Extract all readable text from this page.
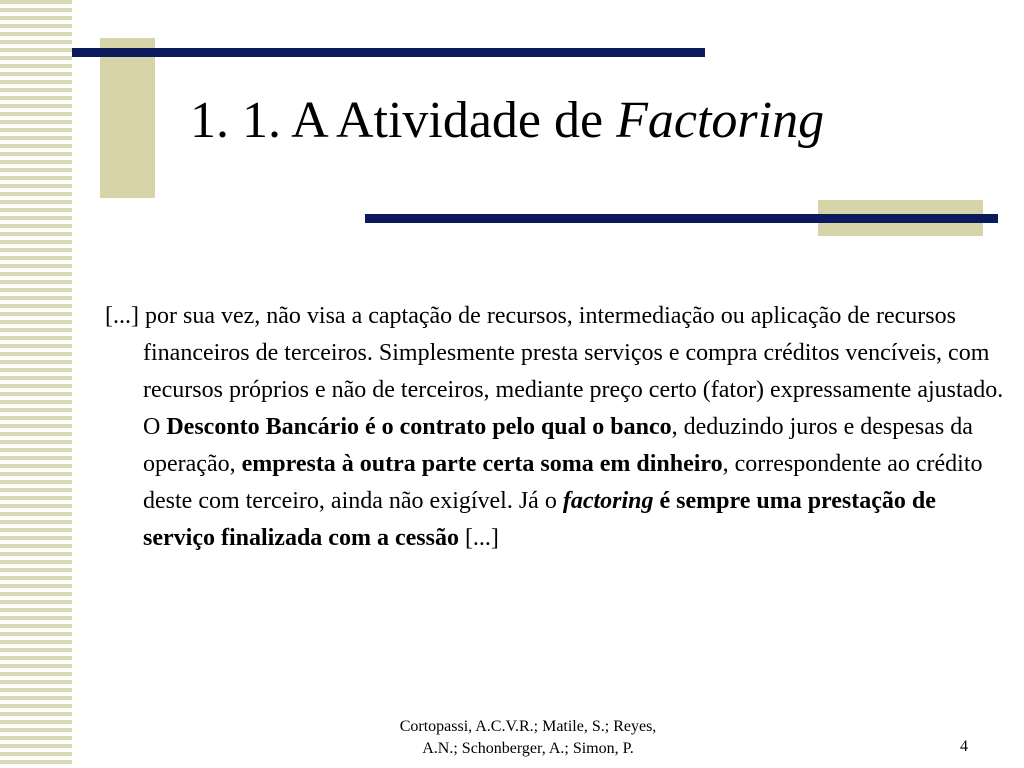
1. 1. A Atividade de Factoring

[...] por sua vez, não visa a captação de recursos, intermediação ou aplicação de recursos financeiros de terceiros. Simplesmente presta serviços e compra créditos vencíveis, com recursos próprios e não de terceiros, mediante preço certo (fator) expressamente ajustado. O Desconto Bancário é o contrato pelo qual o banco, deduzindo juros e despesas da operação, empresta à outra parte certa soma em dinheiro, correspondente ao crédito deste com terceiro, ainda não exigível. Já o factoring é sempre uma prestação de serviço finalizada com a cessão [...]

Cortopassi, A.C.V.R.; Matile, S.; Reyes,
A.N.; Schonberger, A.; Simon, P.	4
